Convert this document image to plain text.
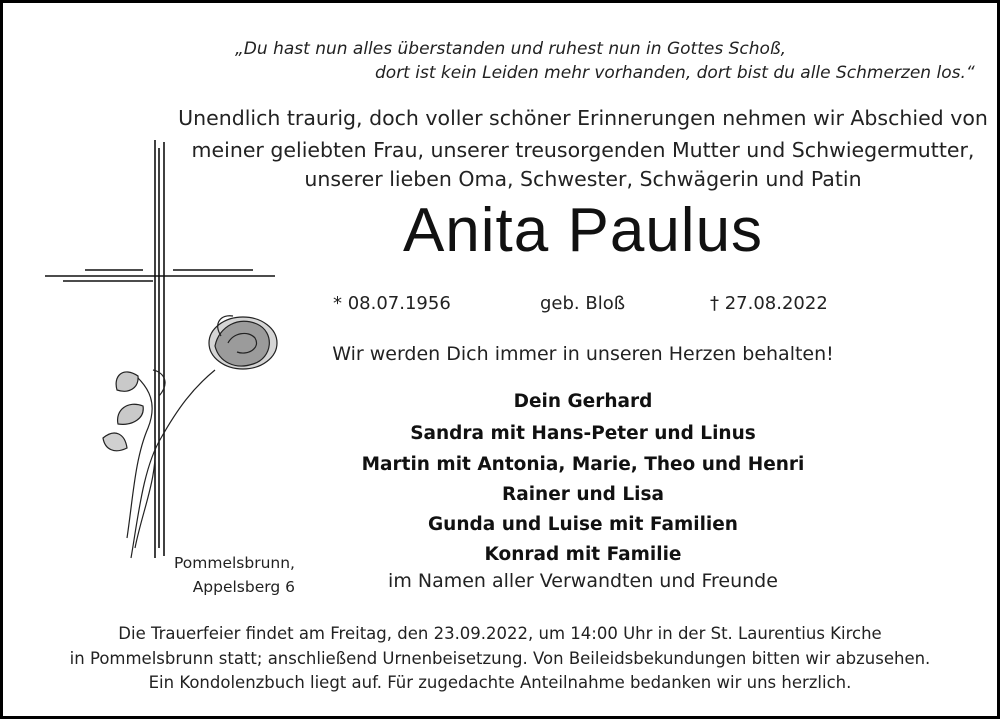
„Du hast nun alles überstanden und ruhest nun in Gottes Schoß,
dort ist kein Leiden mehr vorhanden, dort bist du alle Schmerzen los.“
Unendlich traurig, doch voller schöner Erinnerungen nehmen wir Abschied von
meiner geliebten Frau, unserer treusorgenden Mutter und Schwiegermutter,
unserer lieben Oma, Schwester, Schwägerin und Patin
Anita Paulus
* 08.07.1956	geb. Bloß	† 27.08.2022
Wir werden Dich immer in unseren Herzen behalten!
Dein Gerhard
Sandra mit Hans-Peter und Linus
Martin mit Antonia, Marie, Theo und Henri
Rainer und Lisa
Gunda und Luise mit Familien
Konrad mit Familie
im Namen aller Verwandten und Freunde
Pommelsbrunn,
Appelsberg 6
Die Trauerfeier findet am Freitag, den 23.09.2022, um 14:00 Uhr in der St. Laurentius Kirche
in Pommelsbrunn statt; anschließend Urnenbeisetzung. Von Beileidsbekundungen bitten wir abzusehen.
Ein Kondolenzbuch liegt auf. Für zugedachte Anteilnahme bedanken wir uns herzlich.
